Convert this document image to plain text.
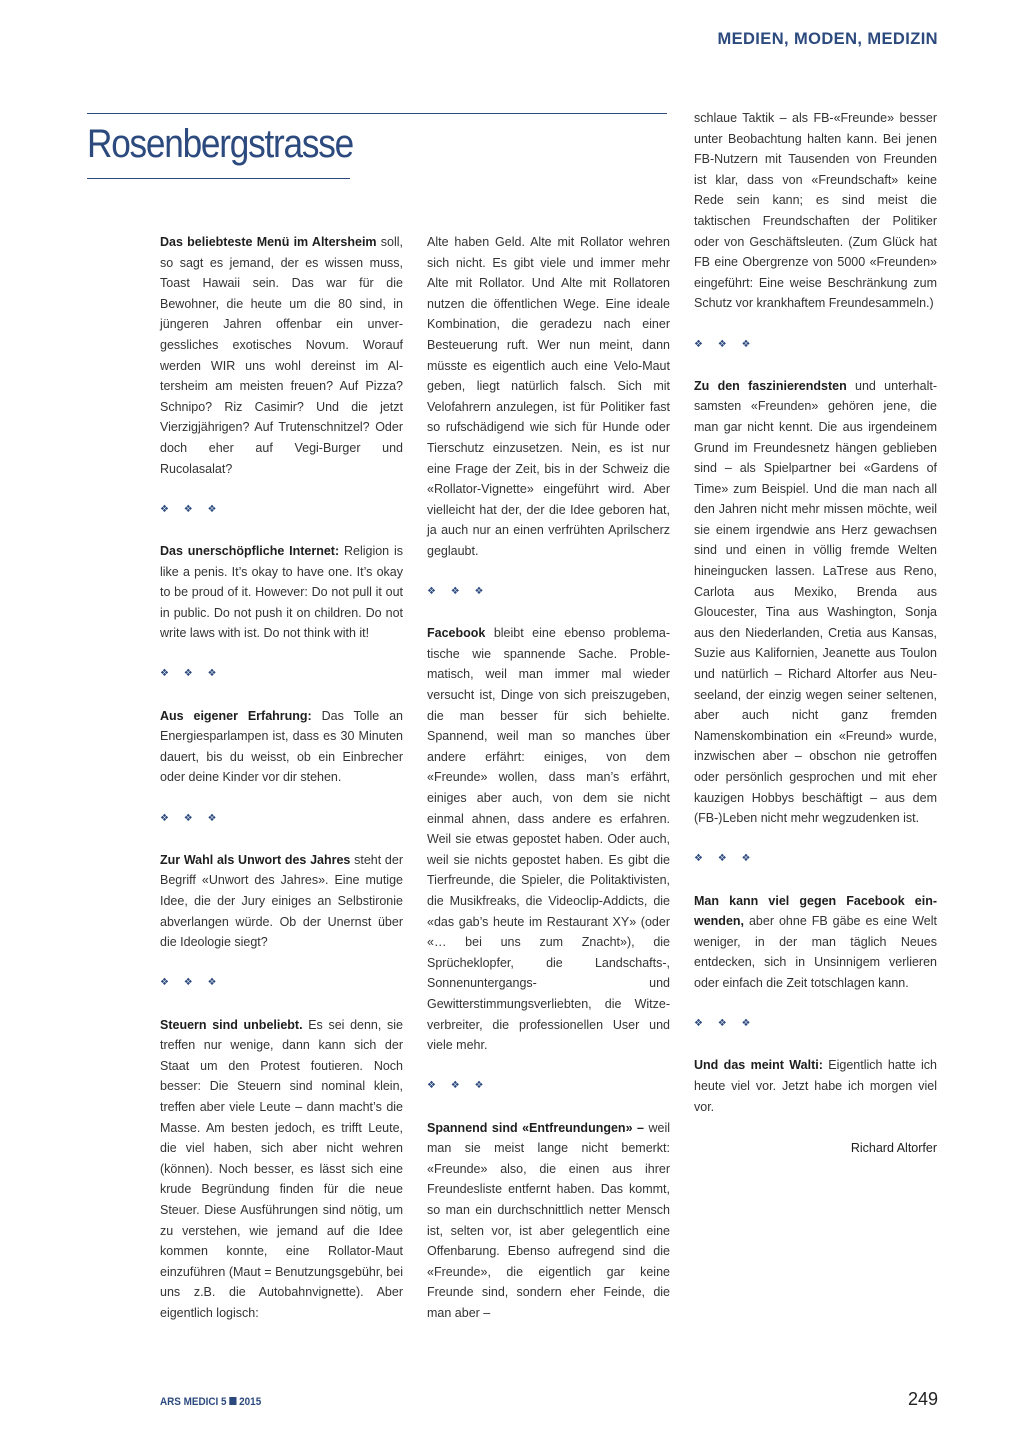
MEDIEN, MODEN, MEDIZIN
Rosenbergstrasse

Das beliebteste Menü im Altersheim soll, so sagt es jemand, der es wissen muss, Toast Hawaii sein. Das war für die Bewohner, die heute um die 80 sind, in jüngeren Jahren offenbar ein unvergessliches exotisches Novum. Worauf werden WIR uns wohl dereinst im Altersheim am meisten freuen? Auf Pizza? Schnipo? Riz Casimir? Und die jetzt Vierzigjährigen? Auf Trutenschnitzel? Oder doch eher auf Vegi-Burger und Rucolasalat?

❖ ❖ ❖

Das unerschöpfliche Internet: Religion is like a penis. It’s okay to have one. It’s okay to be proud of it. However: Do not pull it out in public. Do not push it on children. Do not write laws with ist. Do not think with it!

❖ ❖ ❖

Aus eigener Erfahrung: Das Tolle an Energiesparlampen ist, dass es 30 Minuten dauert, bis du weisst, ob ein Einbrecher oder deine Kinder vor dir stehen.

❖ ❖ ❖

Zur Wahl als Unwort des Jahres steht der Begriff «Unwort des Jahres». Eine mutige Idee, die der Jury einiges an Selbstironie abverlangen würde. Ob der Unernst über die Ideologie siegt?

❖ ❖ ❖

Steuern sind unbeliebt. Es sei denn, sie treffen nur wenige, dann kann sich der Staat um den Protest foutieren. Noch besser: Die Steuern sind nominal klein, treffen aber viele Leute – dann macht’s die Masse. Am besten jedoch, es trifft Leute, die viel haben, sich aber nicht wehren (können). Noch besser, es lässt sich eine krude Begründung finden für die neue Steuer. Diese Ausführungen sind nötig, um zu verstehen, wie jemand auf die Idee kommen konnte, eine Rollator-Maut einzuführen (Maut = Benutzungsgebühr, bei uns z.B. die Autobahnvignette). Aber eigentlich logisch:

Alte haben Geld. Alte mit Rollator wehren sich nicht. Es gibt viele und immer mehr Alte mit Rollator. Und Alte mit Rollatoren nutzen die öffentlichen Wege. Eine ideale Kombination, die geradezu nach einer Besteuerung ruft. Wer nun meint, dann müsste es eigentlich auch eine Velo-Maut geben, liegt natürlich falsch. Sich mit Velofahrern anzulegen, ist für Politiker fast so rufschädigend wie sich für Hunde oder Tierschutz einzusetzen. Nein, es ist nur eine Frage der Zeit, bis in der Schweiz die «Rollator-Vignette» eingeführt wird. Aber vielleicht hat der, der die Idee geboren hat, ja auch nur an einen verfrühten Aprilscherz geglaubt.

❖ ❖ ❖

Facebook bleibt eine ebenso problematische wie spannende Sache. Problematisch, weil man immer mal wieder versucht ist, Dinge von sich preiszugeben, die man besser für sich behielte. Spannend, weil man so manches über andere erfährt: einiges, von dem «Freunde» wollen, dass man’s erfährt, einiges aber auch, von dem sie nicht einmal ahnen, dass andere es erfahren. Weil sie etwas gepostet haben. Oder auch, weil sie nichts gepostet haben. Es gibt die Tierfreunde, die Spieler, die Politaktivisten, die Musikfreaks, die Videoclip-Addicts, die «das gab’s heute im Restaurant XY» (oder «… bei uns zum Znacht»), die Sprücheklopfer, die Landschafts-, Sonnenuntergangs- und Gewitterstimmungsverliebten, die Witzeverbreiter, die professionellen User und viele mehr.

❖ ❖ ❖

Spannend sind «Entfreundungen» – weil man sie meist lange nicht bemerkt: «Freunde» also, die einen aus ihrer Freundesliste entfernt haben. Das kommt, so man ein durchschnittlich netter Mensch ist, selten vor, ist aber gelegentlich eine Offenbarung. Ebenso aufregend sind die «Freunde», die eigentlich gar keine Freunde sind, sondern eher Feinde, die man aber –

schlaue Taktik – als FB-«Freunde» besser unter Beobachtung halten kann. Bei jenen FB-Nutzern mit Tausenden von Freunden ist klar, dass von «Freundschaft» keine Rede sein kann; es sind meist die taktischen Freundschaften der Politiker oder von Geschäftsleuten. (Zum Glück hat FB eine Obergrenze von 5000 «Freunden» eingeführt: Eine weise Beschränkung zum Schutz vor krankhaftem Freundesammeln.)

❖ ❖ ❖

Zu den faszinierendsten und unterhaltsamsten «Freunden» gehören jene, die man gar nicht kennt. Die aus irgendeinem Grund im Freundesnetz hängen geblieben sind – als Spielpartner bei «Gardens of Time» zum Beispiel. Und die man nach all den Jahren nicht mehr missen möchte, weil sie einem irgendwie ans Herz gewachsen sind und einen in völlig fremde Welten hineingucken lassen. LaTrese aus Reno, Carlota aus Mexiko, Brenda aus Gloucester, Tina aus Washington, Sonja aus den Niederlanden, Cretia aus Kansas, Suzie aus Kalifornien, Jeanette aus Toulon und natürlich – Richard Altorfer aus Neuseeland, der einzig wegen seiner seltenen, aber auch nicht ganz fremden Namenskombination ein «Freund» wurde, inzwischen aber – obschon nie getroffen oder persönlich gesprochen und mit eher kauzigen Hobbys beschäftigt – aus dem (FB-)Leben nicht mehr wegzudenken ist.

❖ ❖ ❖

Man kann viel gegen Facebook einwenden, aber ohne FB gäbe es eine Welt weniger, in der man täglich Neues entdecken, sich in Unsinnigem verlieren oder einfach die Zeit totschlagen kann.

❖ ❖ ❖

Und das meint Walti: Eigentlich hatte ich heute viel vor. Jetzt habe ich morgen viel vor.

Richard Altorfer
ARS MEDICI 5 2015	249
